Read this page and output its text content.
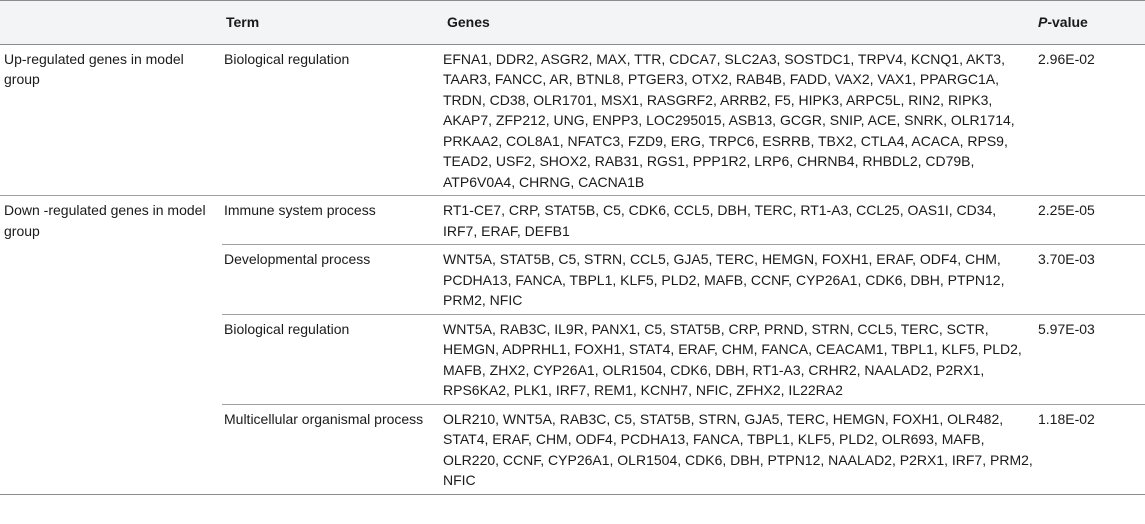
	Term	Genes	P-value
Up-regulated genes in model group	Biological regulation	EFNA1, DDR2, ASGR2, MAX, TTR, CDCA7, SLC2A3, SOSTDC1, TRPV4, KCNQ1, AKT3, TAAR3, FANCC, AR, BTNL8, PTGER3, OTX2, RAB4B, FADD, VAX2, VAX1, PPARGC1A, TRDN, CD38, OLR1701, MSX1, RASGRF2, ARRB2, F5, HIPK3, ARPC5L, RIN2, RIPK3, AKAP7, ZFP212, UNG, ENPP3, LOC295015, ASB13, GCGR, SNIP, ACE, SNRK, OLR1714, PRKAA2, COL8A1, NFATC3, FZD9, ERG, TRPC6, ESRRB, TBX2, CTLA4, ACACA, RPS9, TEAD2, USF2, SHOX2, RAB31, RGS1, PPP1R2, LRP6, CHRNB4, RHBDL2, CD79B, ATP6V0A4, CHRNG, CACNA1B	2.96E-02
Down -regulated genes in model group	Immune system process	RT1-CE7, CRP, STAT5B, C5, CDK6, CCL5, DBH, TERC, RT1-A3, CCL25, OAS1I, CD34, IRF7, ERAF, DEFB1	2.25E-05
	Developmental process	WNT5A, STAT5B, C5, STRN, CCL5, GJA5, TERC, HEMGN, FOXH1, ERAF, ODF4, CHM, PCDHA13, FANCA, TBPL1, KLF5, PLD2, MAFB, CCNF, CYP26A1, CDK6, DBH, PTPN12, PRM2, NFIC	3.70E-03
	Biological regulation	WNT5A, RAB3C, IL9R, PANX1, C5, STAT5B, CRP, PRND, STRN, CCL5, TERC, SCTR, HEMGN, ADPRHL1, FOXH1, STAT4, ERAF, CHM, FANCA, CEACAM1, TBPL1, KLF5, PLD2, MAFB, ZHX2, CYP26A1, OLR1504, CDK6, DBH, RT1-A3, CRHR2, NAALAD2, P2RX1, RPS6KA2, PLK1, IRF7, REM1, KCNH7, NFIC, ZFHX2, IL22RA2	5.97E-03
	Multicellular organismal process	OLR210, WNT5A, RAB3C, C5, STAT5B, STRN, GJA5, TERC, HEMGN, FOXH1, OLR482, STAT4, ERAF, CHM, ODF4, PCDHA13, FANCA, TBPL1, KLF5, PLD2, OLR693, MAFB, OLR220, CCNF, CYP26A1, OLR1504, CDK6, DBH, PTPN12, NAALAD2, P2RX1, IRF7, PRM2, NFIC	1.18E-02
